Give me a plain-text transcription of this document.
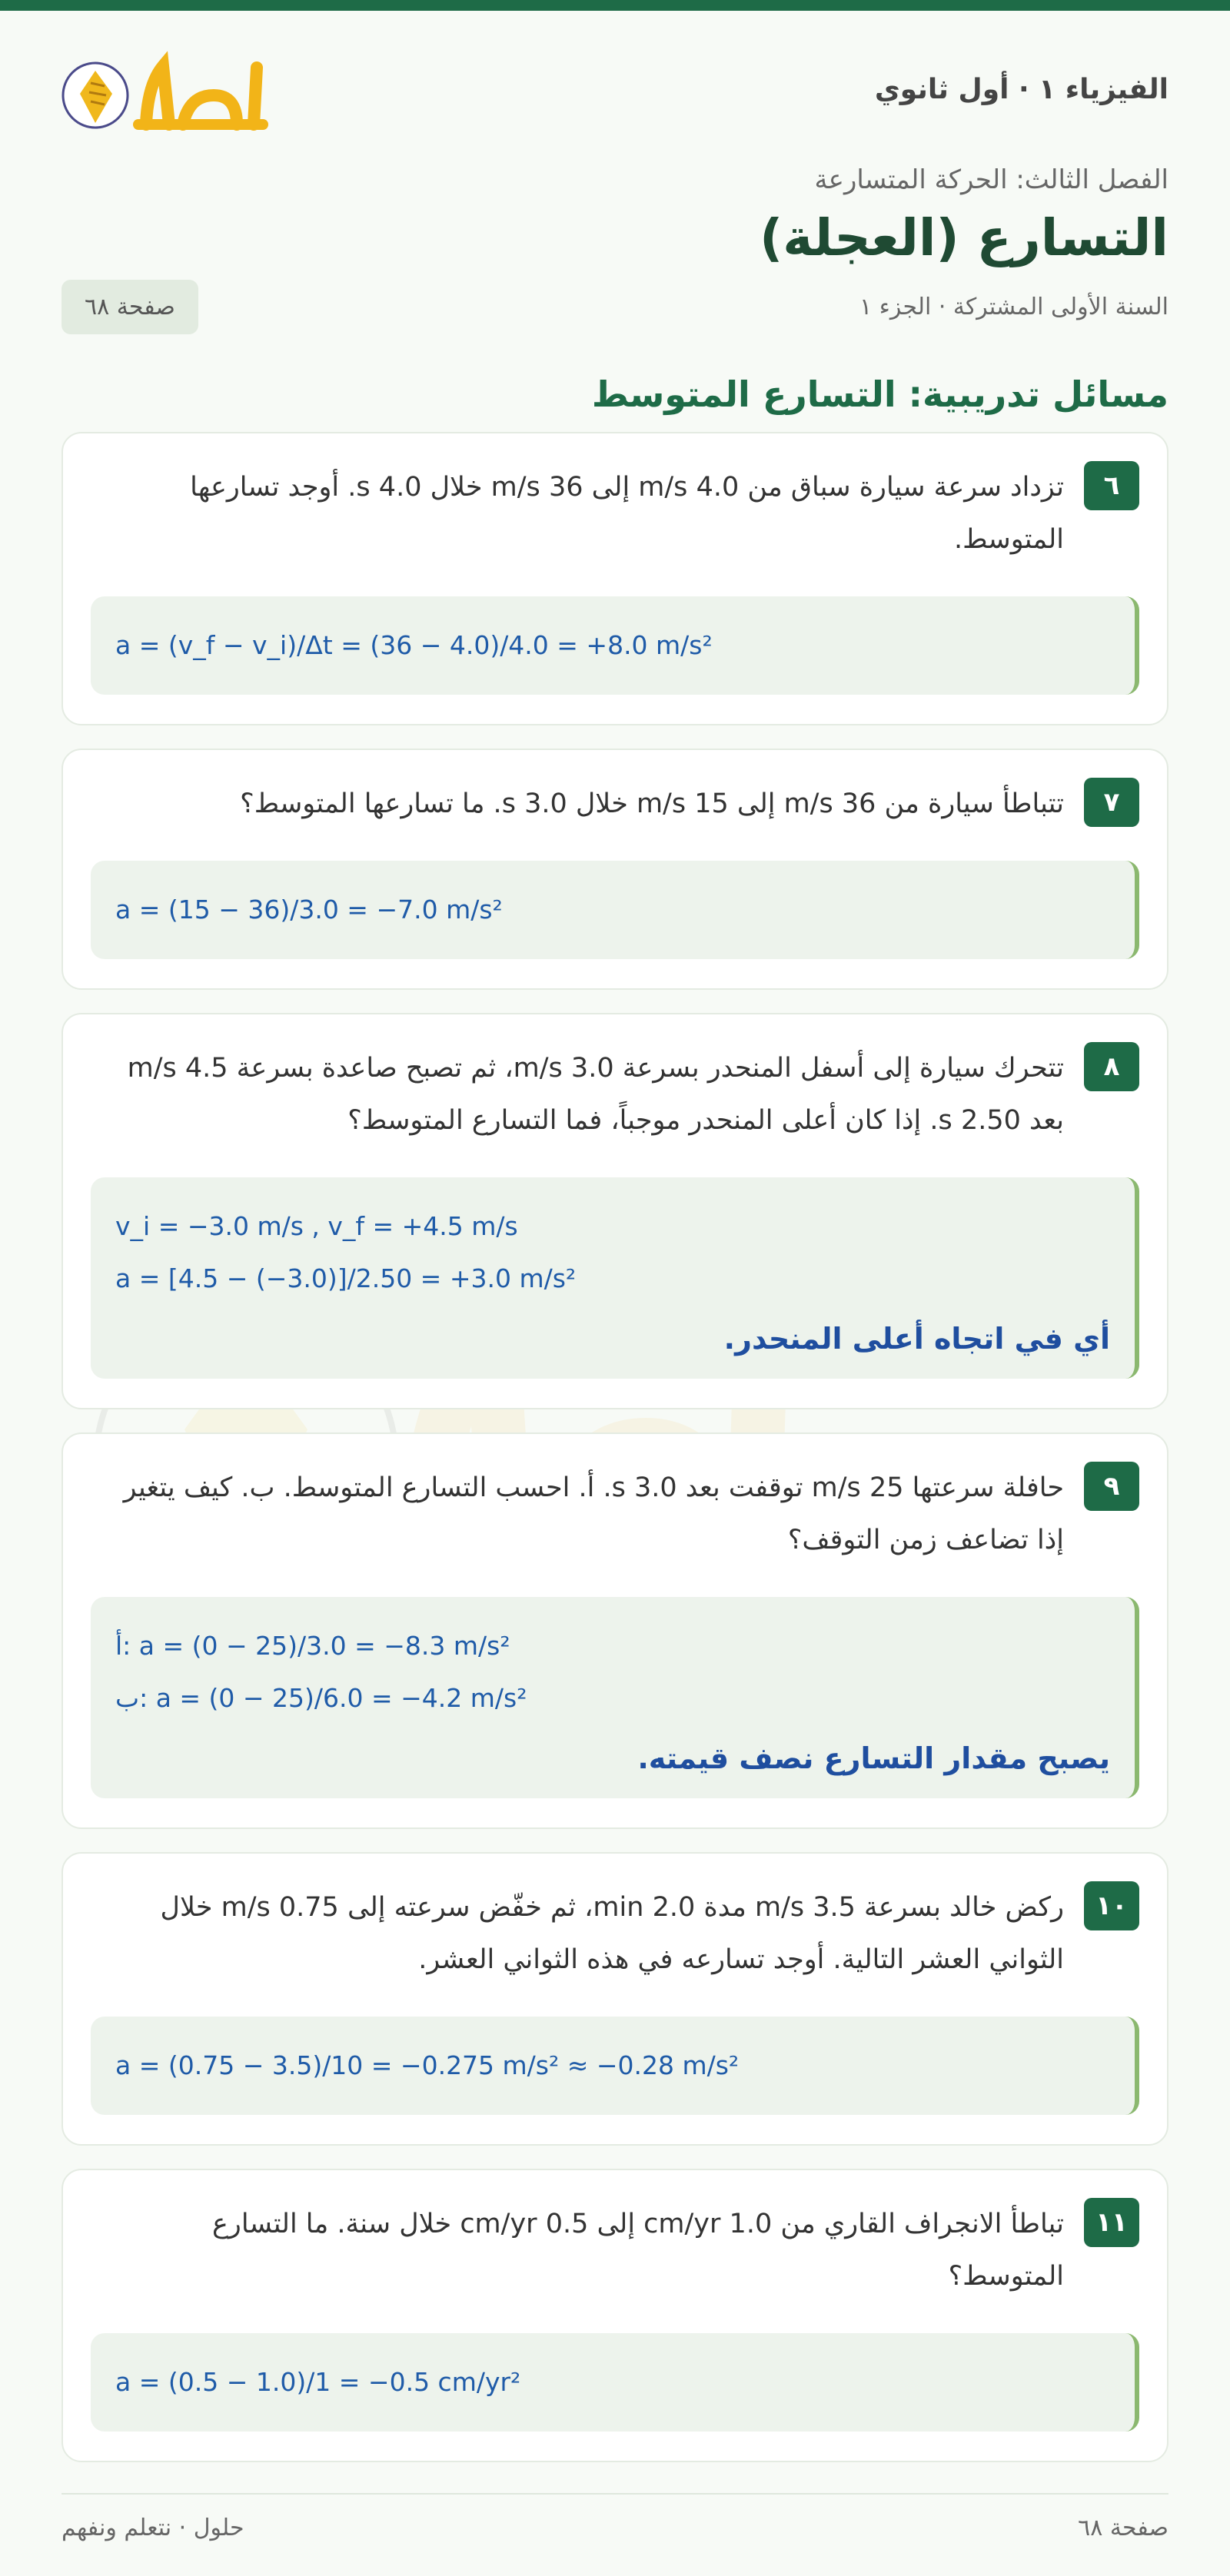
الفيزياء ١ · أول ثانوي
الفصل الثالث: الحركة المتسارعة
التسارع (العجلة)
السنة الأولى المشتركة · الجزء ١
صفحة ٦٨
مسائل تدريبية: التسارع المتوسط
٦
تزداد سرعة سيارة سباق من 4.0 m/s إلى 36 m/s خلال 4.0 s. أوجد تسارعها المتوسط.
a = (v_f − v_i)/Δt = (36 − 4.0)/4.0 = +8.0 m/s²
٧
تتباطأ سيارة من 36 m/s إلى 15 m/s خلال 3.0 s. ما تسارعها المتوسط؟
a = (15 − 36)/3.0 = −7.0 m/s²
٨
تتحرك سيارة إلى أسفل المنحدر بسرعة 3.0 m/s، ثم تصبح صاعدة بسرعة 4.5 m/s بعد 2.50 s. إذا كان أعلى المنحدر موجباً، فما التسارع المتوسط؟
v_i = −3.0 m/s , v_f = +4.5 m/s
a = [4.5 − (−3.0)]/2.50 = +3.0 m/s²
أي في اتجاه أعلى المنحدر.
٩
حافلة سرعتها 25 m/s توقفت بعد 3.0 s. أ. احسب التسارع المتوسط. ب. كيف يتغير إذا تضاعف زمن التوقف؟
أ:
a = (0 − 25)/3.0 = −8.3 m/s²
ب:
a = (0 − 25)/6.0 = −4.2 m/s²
يصبح مقدار التسارع نصف قيمته.
١٠
ركض خالد بسرعة 3.5 m/s مدة 2.0 min، ثم خفّض سرعته إلى 0.75 m/s خلال الثواني العشر التالية. أوجد تسارعه في هذه الثواني العشر.
a = (0.75 − 3.5)/10 = −0.275 m/s² ≈ −0.28 m/s²
١١
تباطأ الانجراف القاري من 1.0 cm/yr إلى 0.5 cm/yr خلال سنة. ما التسارع المتوسط؟
a = (0.5 − 1.0)/1 = −0.5 cm/yr²
صفحة ٦٨
حلول · نتعلم ونفهم
